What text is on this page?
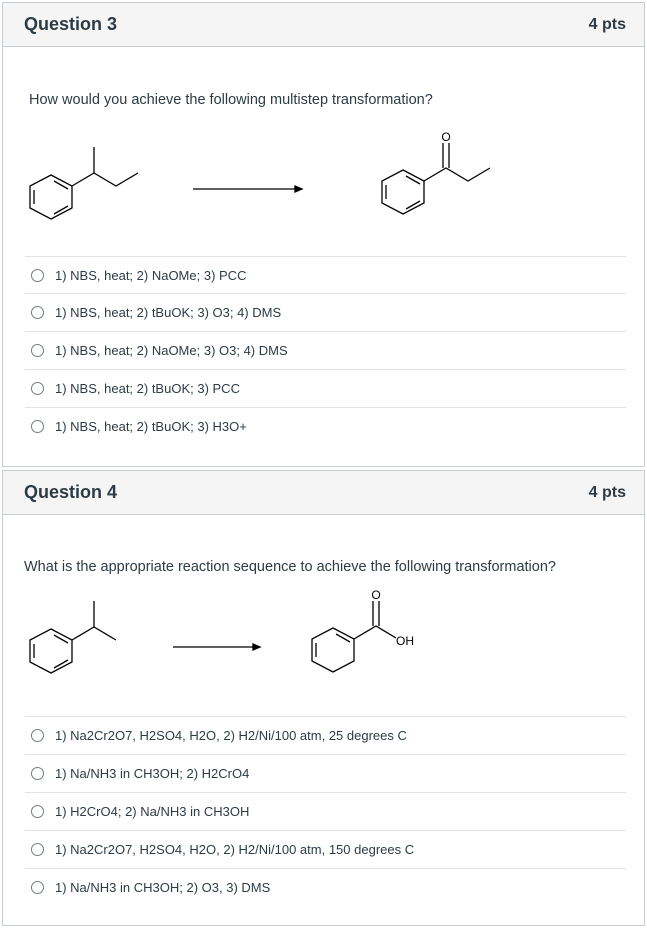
Question 3	4 pts
How would you achieve the following multistep transformation?
O
1) NBS, heat; 2) NaOMe; 3) PCC
1) NBS, heat; 2) tBuOK; 3) O3; 4) DMS
1) NBS, heat; 2) NaOMe; 3) O3; 4) DMS
1) NBS, heat; 2) tBuOK; 3) PCC
1) NBS, heat; 2) tBuOK; 3) H3O+
Question 4	4 pts
What is the appropriate reaction sequence to achieve the following transformation?
O
OH
1) Na2Cr2O7, H2SO4, H2O, 2) H2/Ni/100 atm, 25 degrees C
1) Na/NH3 in CH3OH; 2) H2CrO4
1) H2CrO4; 2) Na/NH3 in CH3OH
1) Na2Cr2O7, H2SO4, H2O, 2) H2/Ni/100 atm, 150 degrees C
1) Na/NH3 in CH3OH; 2) O3, 3) DMS
